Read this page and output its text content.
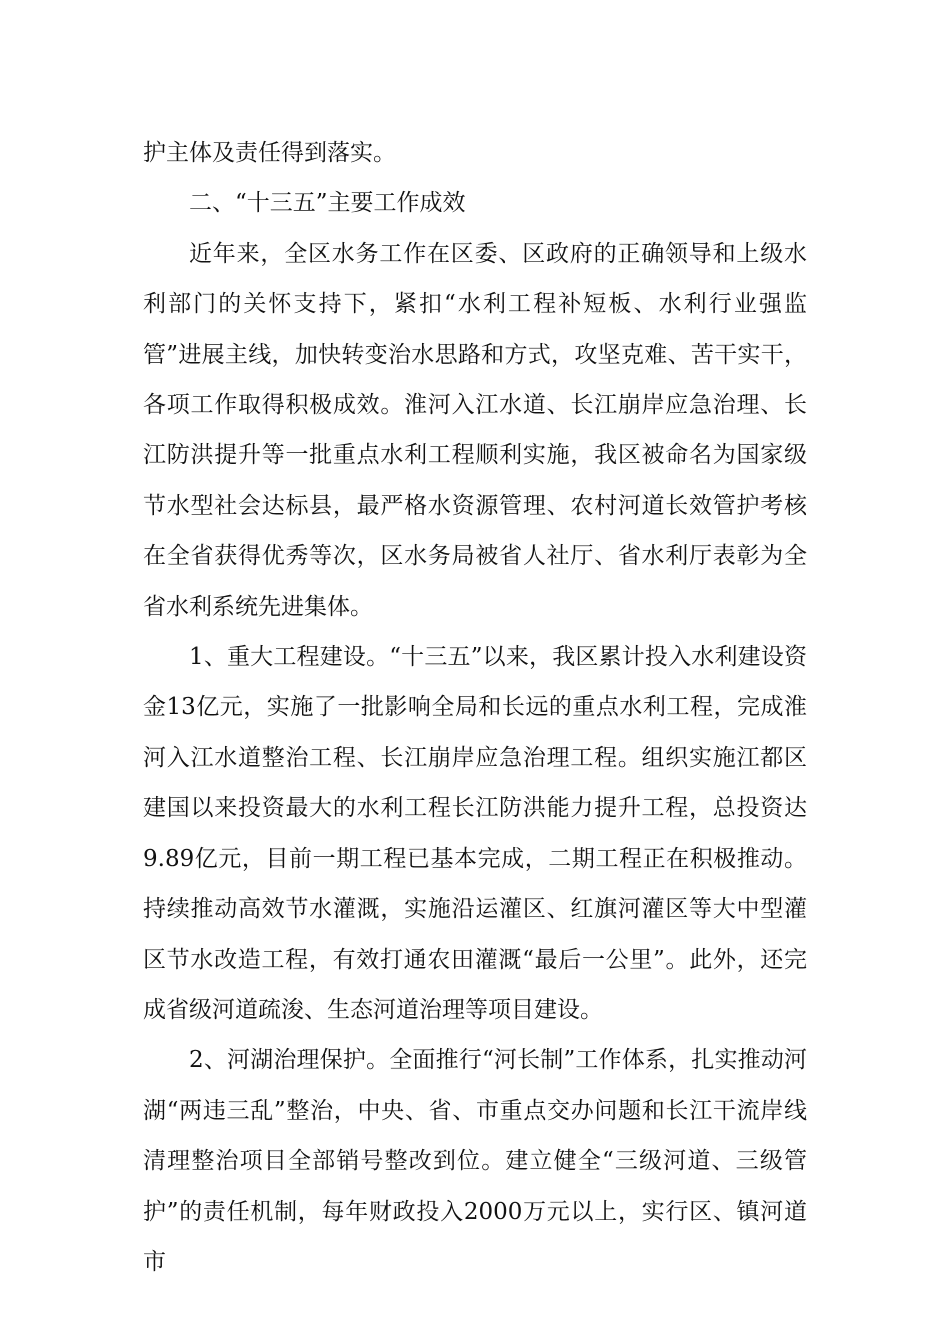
护主体及责任得到落实。

二、“十三五”主要工作成效

近年来，全区水务工作在区委、区政府的正确领导和上级水利部门的关怀支持下，紧扣“水利工程补短板、水利行业强监管”进展主线，加快转变治水思路和方式，攻坚克难、苦干实干，各项工作取得积极成效。淮河入江水道、长江崩岸应急治理、长江防洪提升等一批重点水利工程顺利实施，我区被命名为国家级节水型社会达标县，最严格水资源管理、农村河道长效管护考核在全省获得优秀等次，区水务局被省人社厅、省水利厅表彰为全省水利系统先进集体。

1、重大工程建设。“十三五”以来，我区累计投入水利建设资金13亿元，实施了一批影响全局和长远的重点水利工程，完成淮河入江水道整治工程、长江崩岸应急治理工程。组织实施江都区建国以来投资最大的水利工程长江防洪能力提升工程，总投资达9.89亿元，目前一期工程已基本完成，二期工程正在积极推动。持续推动高效节水灌溉，实施沿运灌区、红旗河灌区等大中型灌区节水改造工程，有效打通农田灌溉“最后一公里”。此外，还完成省级河道疏浚、生态河道治理等项目建设。

2、河湖治理保护。全面推行“河长制”工作体系，扎实推动河湖“两违三乱”整治，中央、省、市重点交办问题和长江干流岸线清理整治项目全部销号整改到位。建立健全“三级河道、三级管护”的责任机制，每年财政投入2000万元以上，实行区、镇河道市
